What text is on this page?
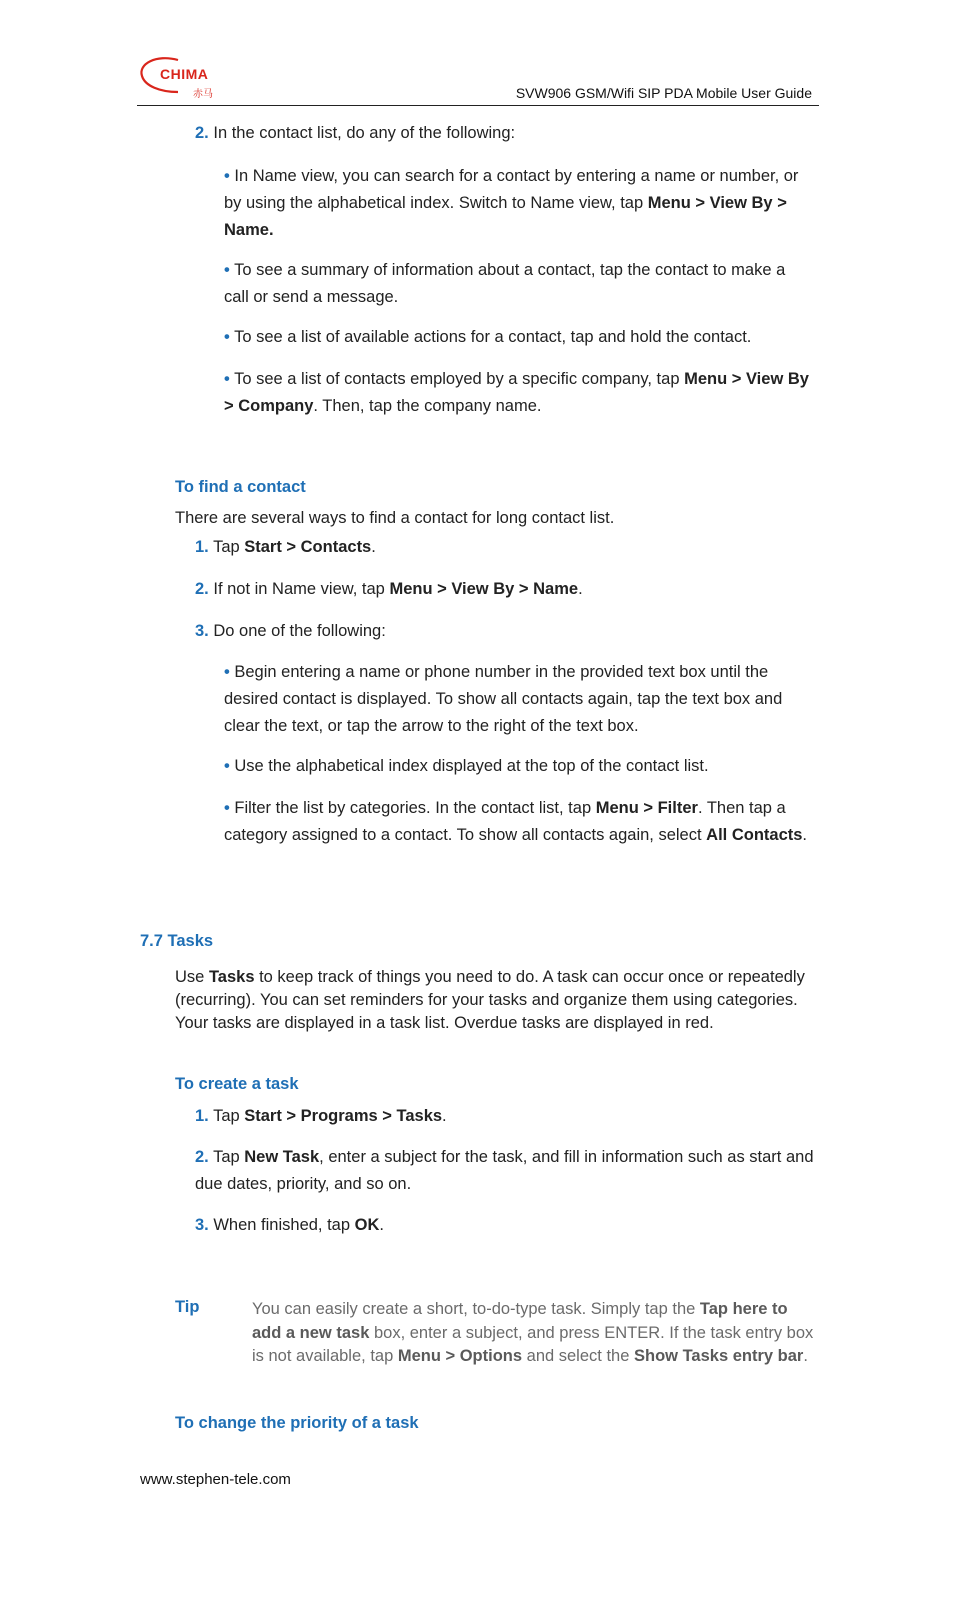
CHIMA
赤马	SVW906 GSM/Wifi SIP PDA Mobile User Guide
2. In the contact list, do any of the following:
• In Name view, you can search for a contact by entering a name or number, or by using the alphabetical index. Switch to Name view, tap Menu > View By > Name.
• To see a summary of information about a contact, tap the contact to make a call or send a message.
• To see a list of available actions for a contact, tap and hold the contact.
• To see a list of contacts employed by a specific company, tap Menu > View By > Company. Then, tap the company name.
To find a contact
There are several ways to find a contact for long contact list.
1. Tap Start > Contacts.
2. If not in Name view, tap Menu > View By > Name.
3. Do one of the following:
• Begin entering a name or phone number in the provided text box until the desired contact is displayed. To show all contacts again, tap the text box and clear the text, or tap the arrow to the right of the text box.
• Use the alphabetical index displayed at the top of the contact list.
• Filter the list by categories. In the contact list, tap Menu > Filter. Then tap a category assigned to a contact. To show all contacts again, select All Contacts.
7.7 Tasks
Use Tasks to keep track of things you need to do. A task can occur once or repeatedly (recurring). You can set reminders for your tasks and organize them using categories. Your tasks are displayed in a task list. Overdue tasks are displayed in red.
To create a task
1. Tap Start > Programs > Tasks.
2. Tap New Task, enter a subject for the task, and fill in information such as start and due dates, priority, and so on.
3. When finished, tap OK.
Tip	You can easily create a short, to-do-type task. Simply tap the Tap here to add a new task box, enter a subject, and press ENTER. If the task entry box is not available, tap Menu > Options and select the Show Tasks entry bar.
To change the priority of a task
www.stephen-tele.com
